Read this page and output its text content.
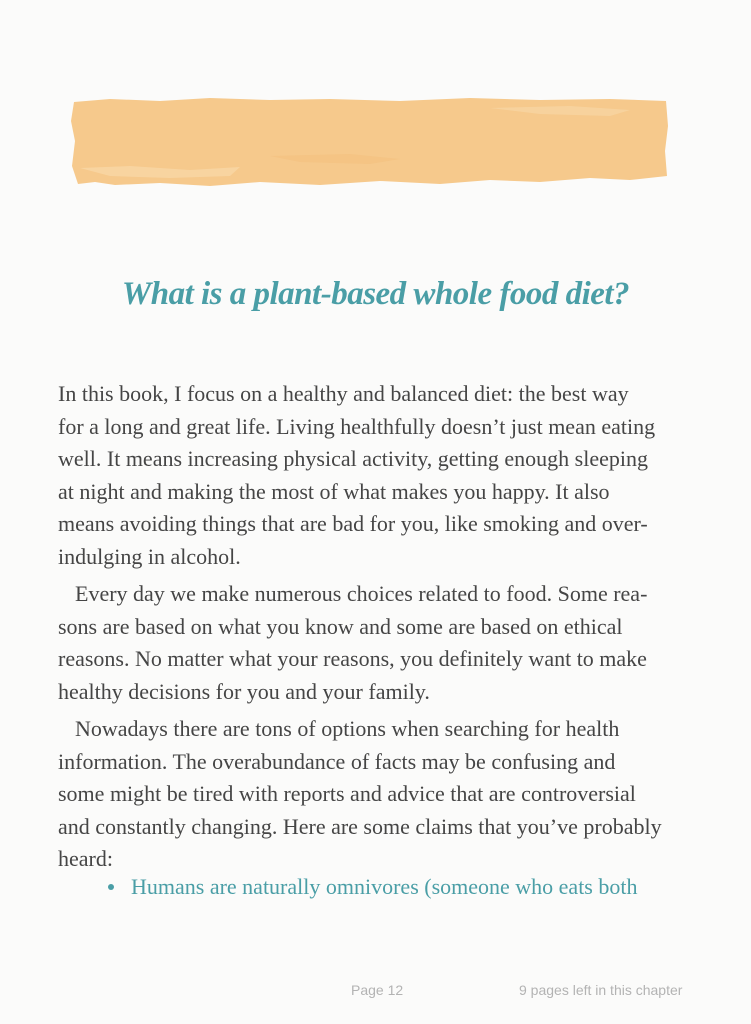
What is a plant-based whole food diet?

In this book, I focus on a healthy and balanced diet: the best way
for a long and great life. Living healthfully doesn’t just mean eating
well. It means increasing physical activity, getting enough sleeping
at night and making the most of what makes you happy. It also
means avoiding things that are bad for you, like smoking and over-
indulging in alcohol.

Every day we make numerous choices related to food. Some rea-
sons are based on what you know and some are based on ethical
reasons. No matter what your reasons, you definitely want to make
healthy decisions for you and your family.

Nowadays there are tons of options when searching for health
information. The overabundance of facts may be confusing and
some might be tired with reports and advice that are controversial
and constantly changing. Here are some claims that you’ve probably
heard:

Humans are naturally omnivores (someone who eats both
Page 12	9 pages left in this chapter
